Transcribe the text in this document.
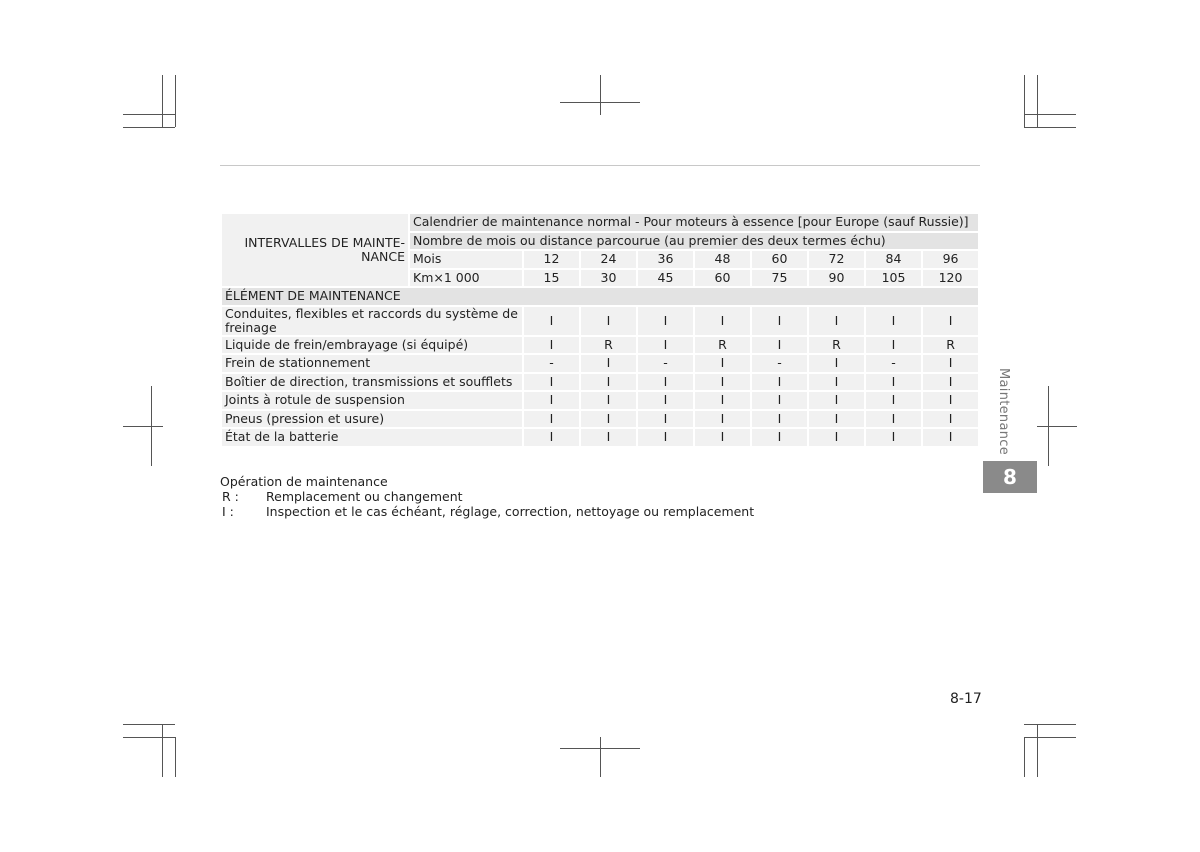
INTERVALLES DE MAINTE-NANCE	Calendrier de maintenance normal - Pour moteurs à essence [pour Europe (sauf Russie)]								
	Nombre de mois ou distance parcourue (au premier des deux termes échu)								
	Mois	12	24	36	48	60	72	84	96
	Km×1 000	15	30	45	60	75	90	105	120
ÉLÉMENT DE MAINTENANCE									
Conduites, flexibles et raccords du système de freinage		I	I	I	I	I	I	I	I
Liquide de frein/embrayage (si équipé)		I	R	I	R	I	R	I	R
Frein de stationnement		-	I	-	I	-	I	-	I
Boîtier de direction, transmissions et soufflets		I	I	I	I	I	I	I	I
Joints à rotule de suspension		I	I	I	I	I	I	I	I
Pneus (pression et usure)		I	I	I	I	I	I	I	I
État de la batterie		I	I	I	I	I	I	I	I
Opération de maintenance
R :	Remplacement ou changement
I :	Inspection et le cas échéant, réglage, correction, nettoyage ou remplacement
Maintenance
8
8-17
